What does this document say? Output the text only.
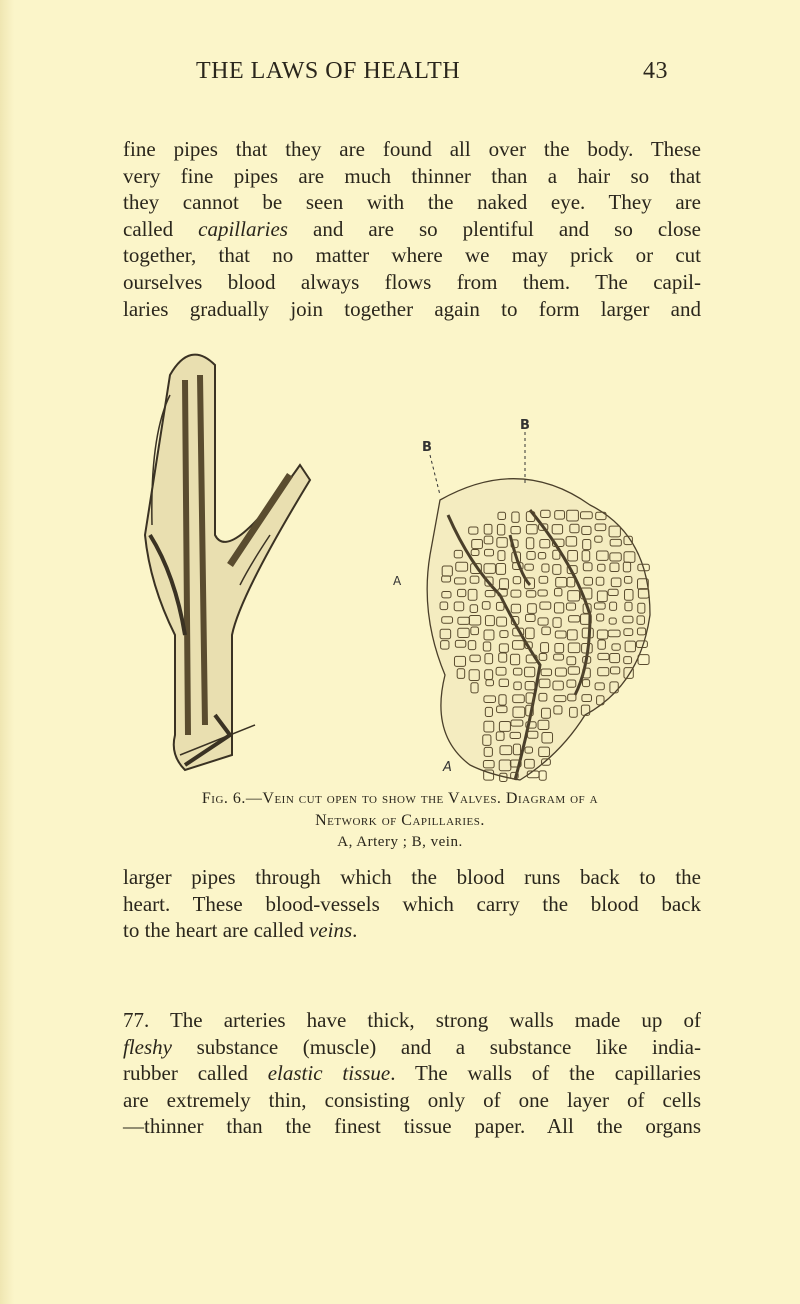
THE LAWS OF HEALTH	43
fine pipes that they are found all over the body. These
very fine pipes are much thinner than a hair so that
they cannot be seen with the naked eye. They are
called capillaries and are so plentiful and so close
together, that no matter where we may prick or cut
ourselves blood always flows from them. The capil-
laries gradually join together again to form larger and
B
B
A
A
Fig. 6.—Vein cut open to show the Valves. Diagram of a
Network of Capillaries.
A, Artery ; B, vein.
larger pipes through which the blood runs back to the
heart. These blood-vessels which carry the blood back
to the heart are called veins.
77. The arteries have thick, strong walls made up of
fleshy substance (muscle) and a substance like india-
rubber called elastic tissue. The walls of the capillaries
are extremely thin, consisting only of one layer of cells
—thinner than the finest tissue paper. All the organs
